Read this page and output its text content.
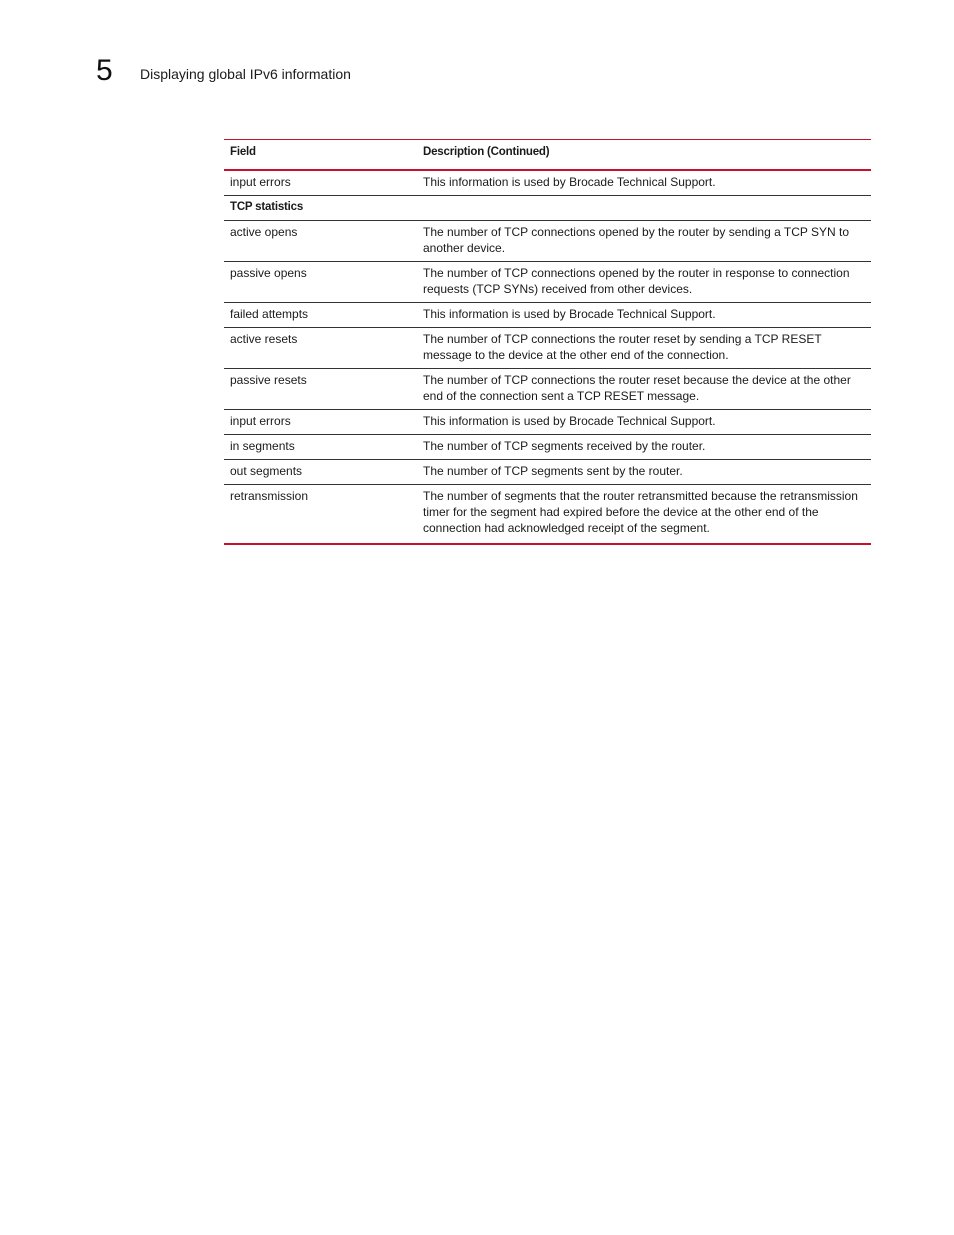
5 Displaying global IPv6 information
Field	Description (Continued)
input errors	This information is used by Brocade Technical Support.
TCP statistics	
active opens	The number of TCP connections opened by the router by sending a TCP SYN to another device.
passive opens	The number of TCP connections opened by the router in response to connection requests (TCP SYNs) received from other devices.
failed attempts	This information is used by Brocade Technical Support.
active resets	The number of TCP connections the router reset by sending a TCP RESET message to the device at the other end of the connection.
passive resets	The number of TCP connections the router reset because the device at the other end of the connection sent a TCP RESET message.
input errors	This information is used by Brocade Technical Support.
in segments	The number of TCP segments received by the router.
out segments	The number of TCP segments sent by the router.
retransmission	The number of segments that the router retransmitted because the retransmission timer for the segment had expired before the device at the other end of the connection had acknowledged receipt of the segment.
